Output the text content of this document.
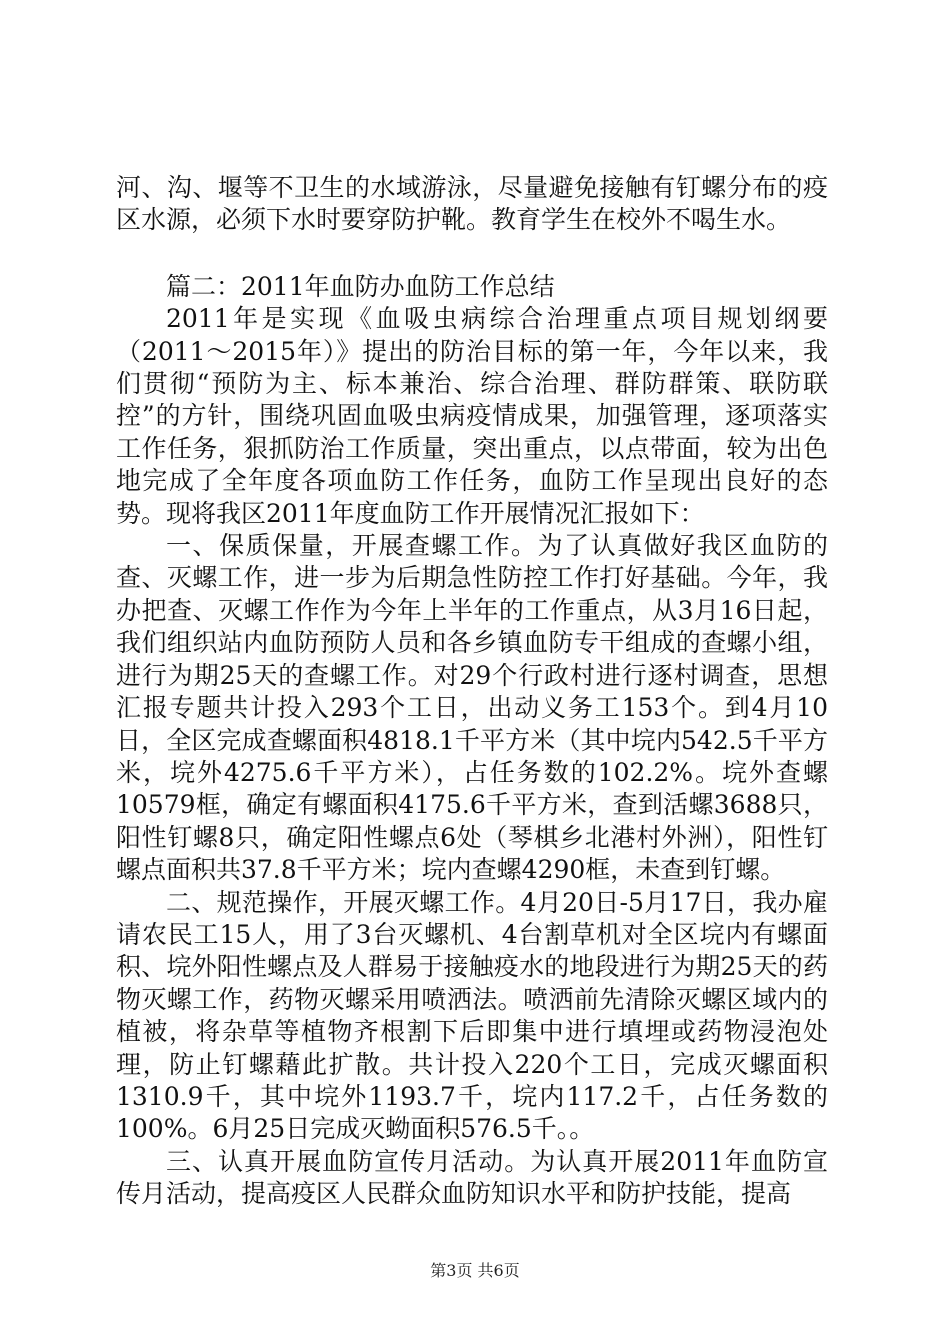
河、沟、堰等不卫生的水域游泳，尽量避免接触有钉螺分布的疫区水源，必须下水时要穿防护靴。教育学生在校外不喝生水。

篇二：2011年血防办血防工作总结

2011年是实现《血吸虫病综合治理重点项目规划纲要（2011～2015年）》提出的防治目标的第一年，今年以来，我们贯彻“预防为主、标本兼治、综合治理、群防群策、联防联控”的方针，围绕巩固血吸虫病疫情成果，加强管理，逐项落实工作任务，狠抓防治工作质量，突出重点，以点带面，较为出色地完成了全年度各项血防工作任务，血防工作呈现出良好的态势。现将我区2011年度血防工作开展情况汇报如下：

一、保质保量，开展查螺工作。为了认真做好我区血防的查、灭螺工作，进一步为后期急性防控工作打好基础。今年，我办把查、灭螺工作作为今年上半年的工作重点，从3月16日起，我们组织站内血防预防人员和各乡镇血防专干组成的查螺小组，进行为期25天的查螺工作。对29个行政村进行逐村调查，思想汇报专题共计投入293个工日，出动义务工153个。到4月10日，全区完成查螺面积4818.1千平方米（其中垸内542.5千平方米，垸外4275.6千平方米），占任务数的102.2%。垸外查螺10579框，确定有螺面积4175.6千平方米，查到活螺3688只，阳性钉螺8只，确定阳性螺点6处（琴棋乡北港村外洲），阳性钉螺点面积共37.8千平方米；垸内查螺4290框，未查到钉螺。

二、规范操作，开展灭螺工作。4月20日-5月17日，我办雇请农民工15人，用了3台灭螺机、4台割草机对全区垸内有螺面积、垸外阳性螺点及人群易于接触疫水的地段进行为期25天的药物灭螺工作，药物灭螺采用喷洒法。喷洒前先清除灭螺区域内的植被，将杂草等植物齐根割下后即集中进行填埋或药物浸泡处理，防止钉螺藉此扩散。共计投入220个工日，完成灭螺面积1310.9千，其中垸外1193.7千，垸内117.2千，占任务数的100%。6月25日完成灭蚴面积576.5千。。

三、认真开展血防宣传月活动。为认真开展2011年血防宣传月活动，提高疫区人民群众血防知识水平和防护技能，提高

第3页 共6页
